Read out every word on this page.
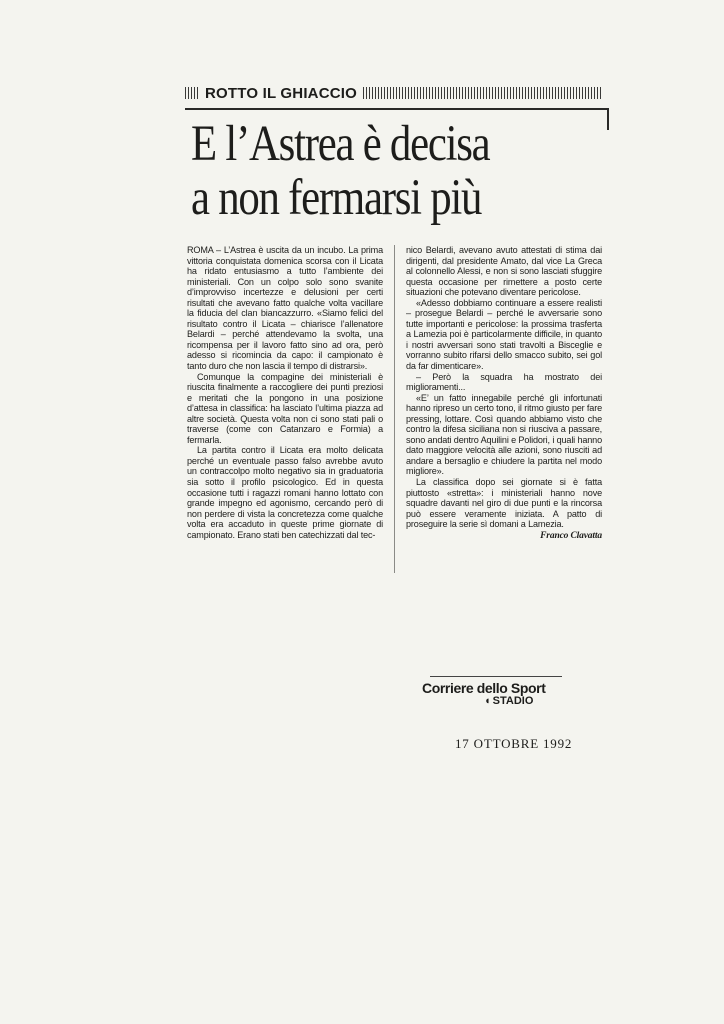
ROTTO IL GHIACCIO
E l’Astrea è decisa
a non fermarsi più

ROMA – L’Astrea è uscita da un incubo. La prima vittoria conquistata domenica scorsa con il Licata ha ridato entusiasmo a tutto l’ambiente dei ministeriali. Con un colpo solo sono svanite d’improvviso incertezze e delusioni per certi risultati che avevano fatto qualche volta vacillare la fiducia del clan biancazzurro. «Siamo felici del risultato contro il Licata – chiarisce l’allenatore Belardi – perché attendevamo la svolta, una ricompensa per il lavoro fatto sino ad ora, però adesso si ricomincia da capo: il campionato è tanto duro che non lascia il tempo di distrarsi».

Comunque la compagine dei ministeriali è riuscita finalmente a raccogliere dei punti preziosi e meritati che la pongono in una posizione d’attesa in classifica: ha lasciato l’ultima piazza ad altre società. Questa volta non ci sono stati pali o traverse (come con Catanzaro e Formia) a fermarla.

La partita contro il Licata era molto delicata perché un eventuale passo falso avrebbe avuto un contraccolpo molto negativo sia in graduatoria sia sotto il profilo psicologico. Ed in questa occasione tutti i ragazzi romani hanno lottato con grande impegno ed agonismo, cercando però di non perdere di vista la concretezza come qualche volta era accaduto in queste prime giornate di campionato. Erano stati ben catechizzati dal tec-

nico Belardi, avevano avuto attestati di stima dai dirigenti, dal presidente Amato, dal vice La Greca al colonnello Alessi, e non si sono lasciati sfuggire questa occasione per rimettere a posto certe situazioni che potevano diventare pericolose.

«Adesso dobbiamo continuare a essere realisti – prosegue Belardi – perché le avversarie sono tutte importanti e pericolose: la prossima trasferta a Lamezia poi è particolarmente difficile, in quanto i nostri avversari sono stati travolti a Bisceglie e vorranno subito rifarsi dello smacco subito, sei gol da far dimenticare».

– Però la squadra ha mostrato dei miglioramenti...

«E’ un fatto innegabile perché gli infortunati hanno ripreso un certo tono, il ritmo giusto per fare pressing, lottare. Così quando abbiamo visto che contro la difesa siciliana non si riusciva a passare, sono andati dentro Aquilini e Polidori, i quali hanno dato maggiore velocità alle azioni, sono riusciti ad andare a bersaglio e chiudere la partita nel modo migliore».

La classifica dopo sei giornate si è fatta piuttosto «stretta»: i ministeriali hanno nove squadre davanti nel giro di due punti e la rincorsa può essere veramente iniziata. A patto di proseguire la serie sì domani a Lamezia.

Franco Clavatta
Corriere dello Sport
◖ STADIO
17 OTTOBRE 1992
